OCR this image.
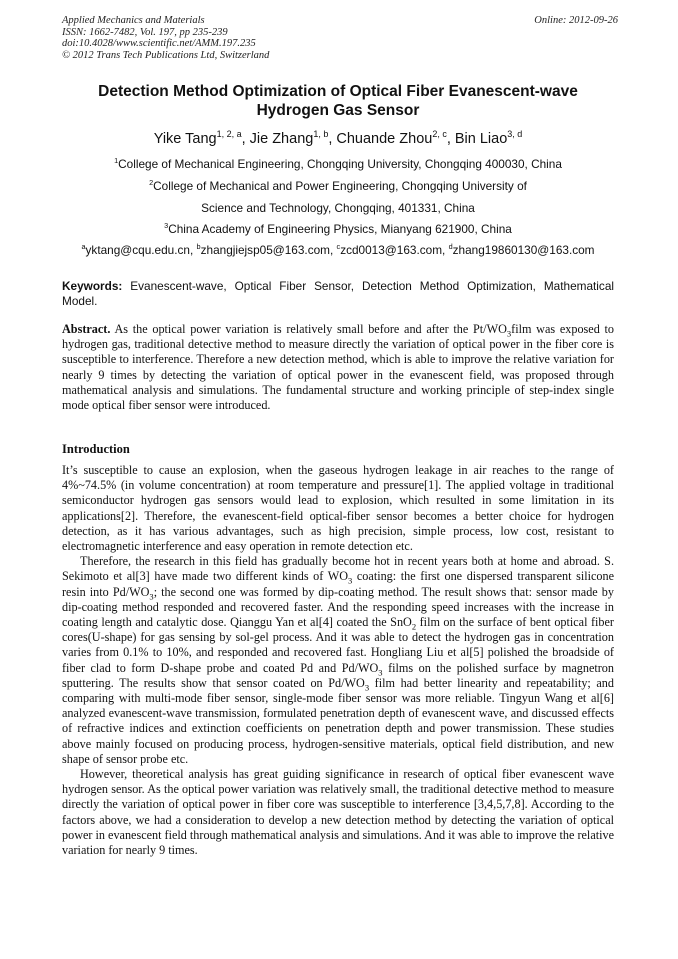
Applied Mechanics and Materials
ISSN: 1662-7482, Vol. 197, pp 235-239
doi:10.4028/www.scientific.net/AMM.197.235
© 2012 Trans Tech Publications Ltd, Switzerland
Online: 2012-09-26
Detection Method Optimization of Optical Fiber Evanescent-wave Hydrogen Gas Sensor
Yike Tang$^{1, 2, a}$, Jie Zhang$^{1, b}$, Chuande Zhou$^{2, c}$, Bin Liao$^{3, d}$
$^1$College of Mechanical Engineering, Chongqing University, Chongqing 400030, China
$^2$College of Mechanical and Power Engineering, Chongqing University of
Science and Technology, Chongqing, 401331, China
$^3$China Academy of Engineering Physics, Mianyang 621900, China
$^a$yktang@cqu.edu.cn, $^b$zhangjiejsp05@163.com, $^c$zcd0013@163.com, $^d$zhang19860130@163.com
Keywords: Evanescent-wave, Optical Fiber Sensor, Detection Method Optimization, Mathematical Model.
Abstract. As the optical power variation is relatively small before and after the $Pt/WO_3film$ was exposed to hydrogen gas, traditional detective method to measure directly the variation of optical power in the fiber core is susceptible to interference. Therefore a new detection method, which is able to improve the relative variation for nearly 9 times by detecting the variation of optical power in the evanescent field, was proposed through mathematical analysis and simulations. The fundamental structure and working principle of step-index single mode optical fiber sensor were introduced.
Introduction

It’s susceptible to cause an explosion, when the gaseous hydrogen leakage in air reaches to the range of 4%~74.5% (in volume concentration) at room temperature and pressure[1]. The applied voltage in traditional semiconductor hydrogen gas sensors would lead to explosion, which resulted in some limitation in its applications[2]. Therefore, the evanescent-field optical-fiber sensor becomes a better choice for hydrogen detection, as it has various advantages, such as high precision, simple process, low cost, resistant to electromagnetic interference and easy operation in remote detection etc.

Therefore, the research in this field has gradually become hot in recent years both at home and abroad. S. Sekimoto et al[3] have made two different kinds of $WO_3$ coating: the first one dispersed transparent silicone resin into $Pd/WO_3$; the second one was formed by dip-coating method. The result shows that: sensor made by dip-coating method responded and recovered faster. And the responding speed increases with the increase in coating length and catalytic dose. Qianggu Yan et al[4] coated the SnO$_2$ film on the surface of bent optical fiber cores(U-shape) for gas sensing by sol-gel process. And it was able to detect the hydrogen gas in concentration varies from 0.1% to 10%, and responded and recovered fast. Hongliang Liu et al[5] polished the broadside of fiber clad to form D-shape probe and coated Pd and $Pd/WO_3$ films on the polished surface by magnetron sputtering. The results show that sensor coated on $Pd/WO_3$ film had better linearity and repeatability; and comparing with multi-mode fiber sensor, single-mode fiber sensor was more reliable. Tingyun Wang et al[6] analyzed evanescent-wave transmission, formulated penetration depth of evanescent wave, and discussed effects of refractive indices and extinction coefficients on penetration depth and power transmission. These studies above mainly focused on producing process, hydrogen-sensitive materials, optical field distribution, and new shape of sensor probe etc.

However, theoretical analysis has great guiding significance in research of optical fiber evanescent wave hydrogen sensor. As the optical power variation was relatively small, the traditional detective method to measure directly the variation of optical power in fiber core was susceptible to interference [3,4,5,7,8]. According to the factors above, we had a consideration to develop a new detection method by detecting the variation of optical power in evanescent field through mathematical analysis and simulations. And it was able to improve the relative variation for nearly 9 times.
